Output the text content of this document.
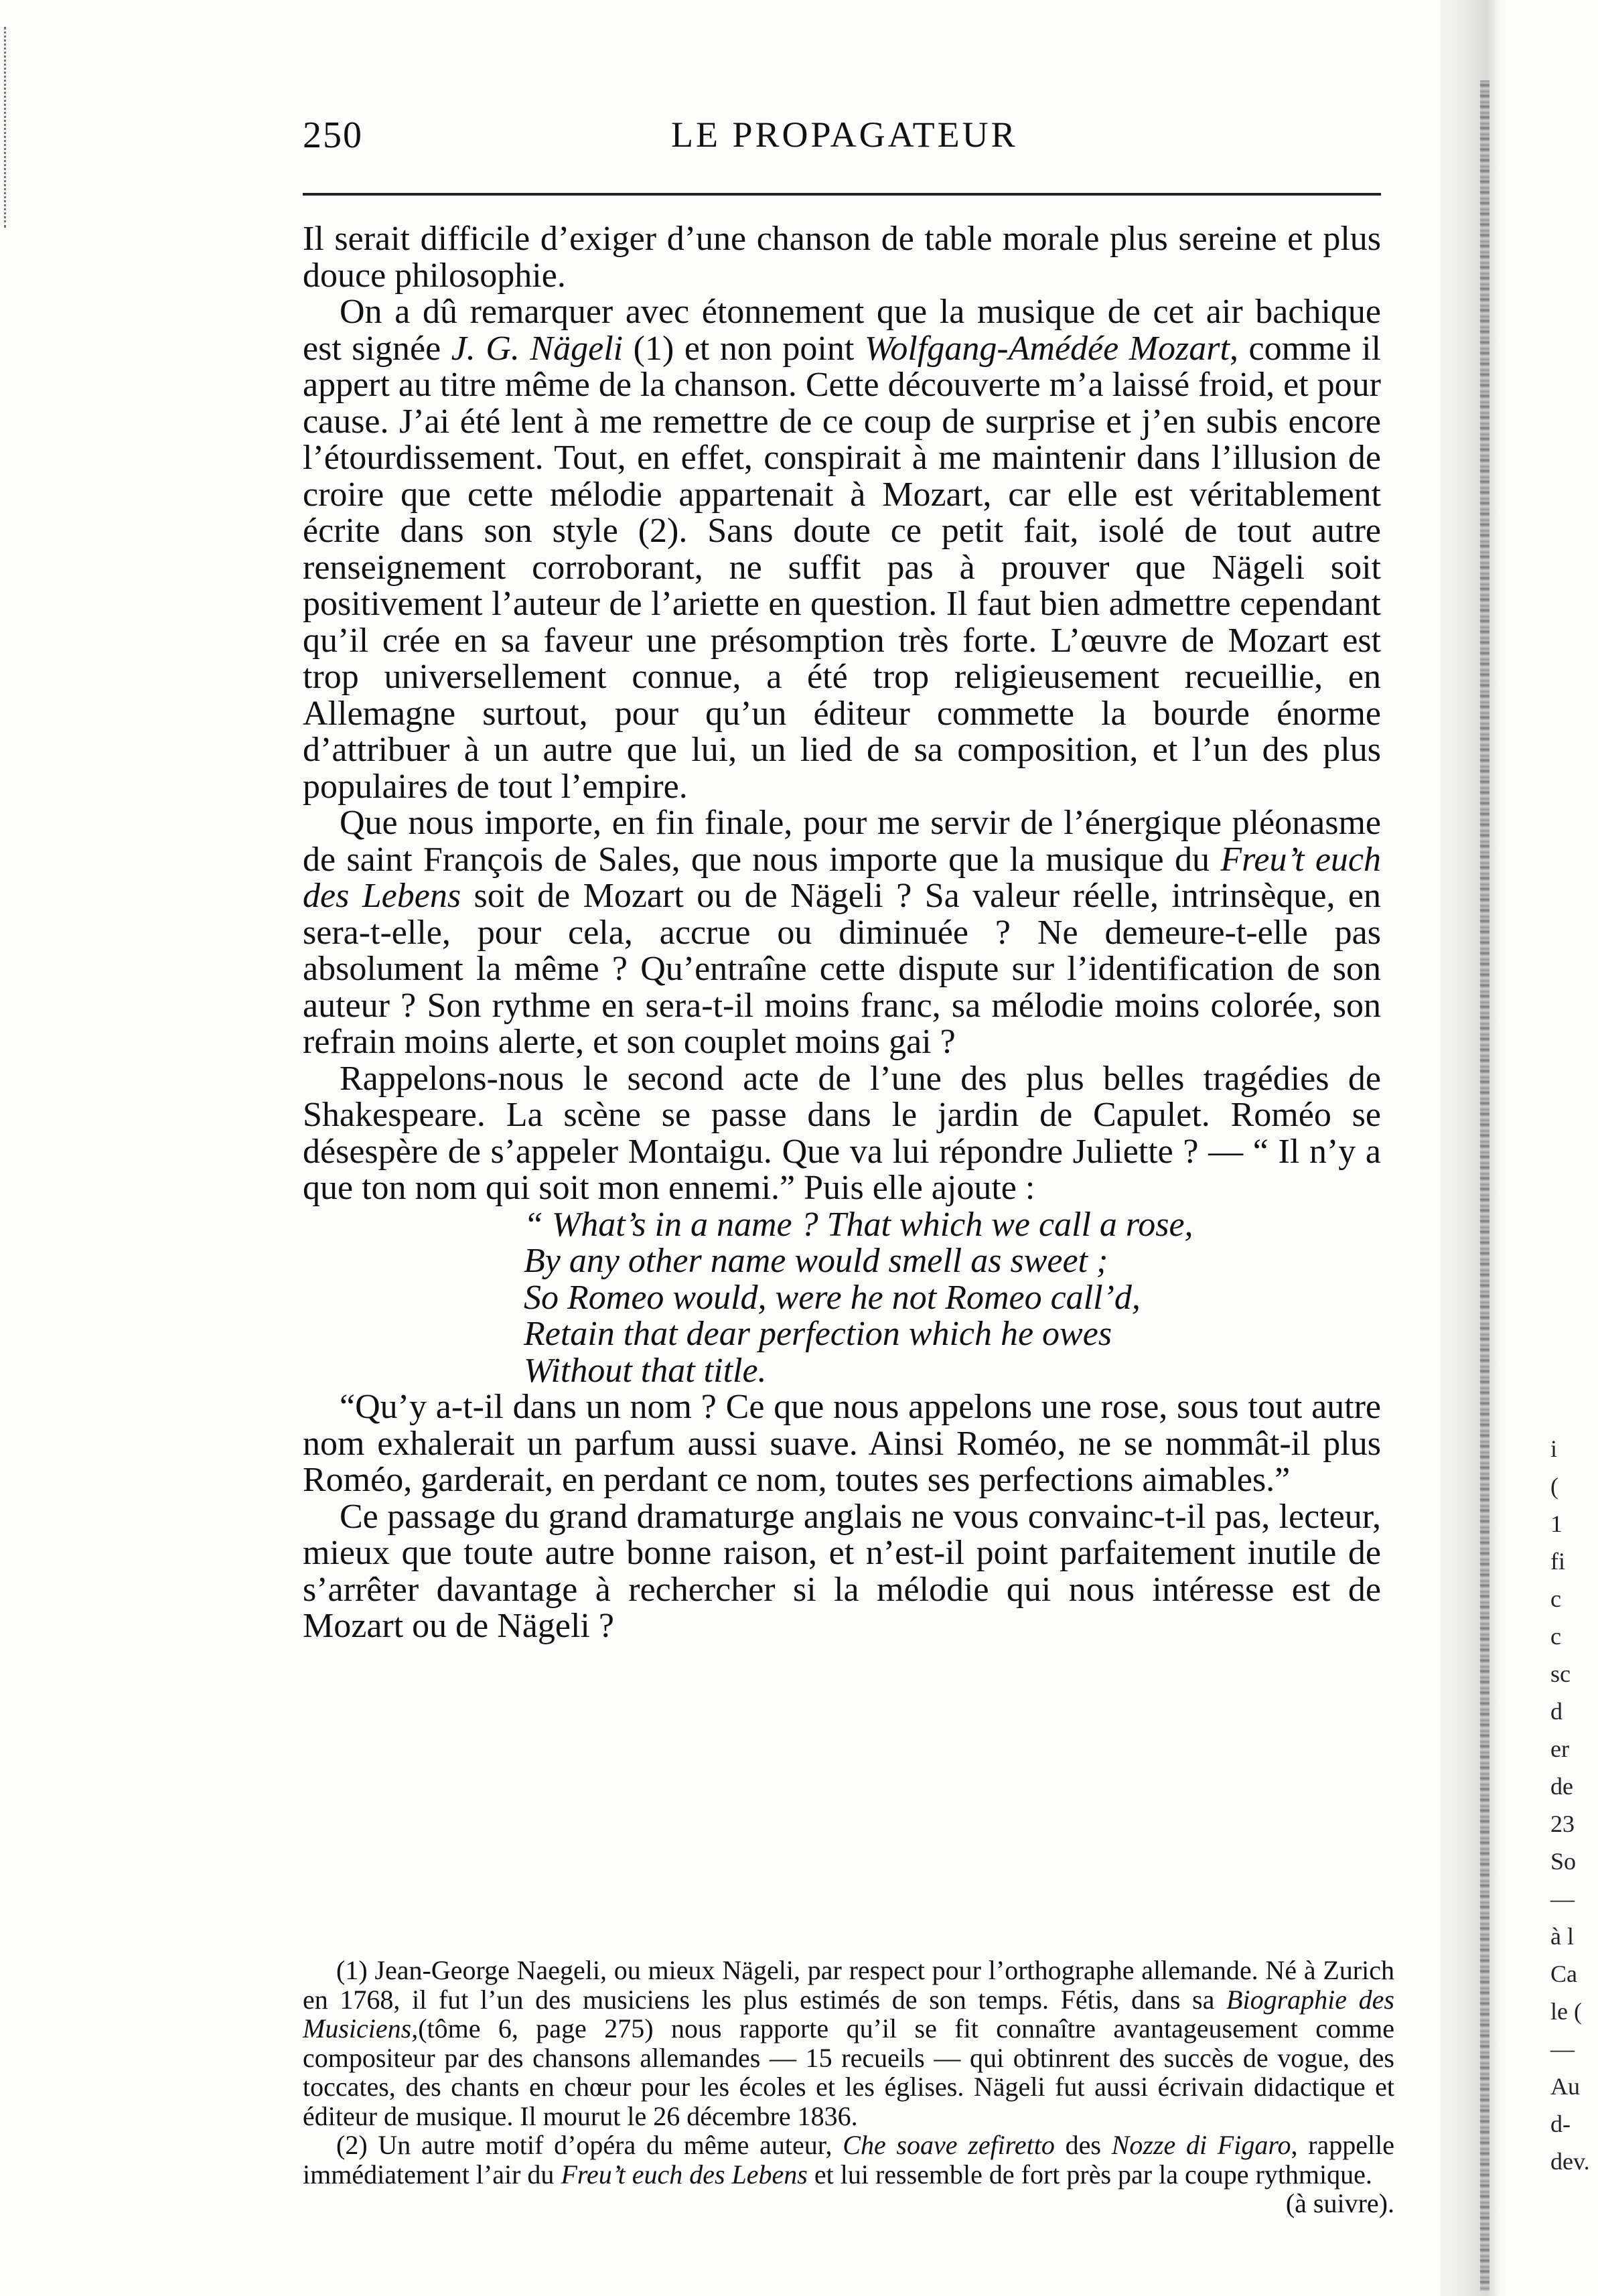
i
(
1
fi
c
c
sc
d
er
de
23
So
—
à l
Ca
le (
—
Au
d-
dev.
250	LE PROPAGATEUR

Il serait difficile d’exiger d’une chanson de table morale plus sereine et plus douce philosophie.

On a dû remarquer avec étonnement que la musique de cet air bachique est signée J. G. Nägeli (1) et non point Wolfgang-Amédée Mozart, comme il appert au titre même de la chanson. Cette découverte m’a laissé froid, et pour cause. J’ai été lent à me remettre de ce coup de surprise et j’en subis encore l’étourdissement. Tout, en effet, conspirait à me maintenir dans l’illusion de croire que cette mélodie appartenait à Mozart, car elle est véritablement écrite dans son style (2). Sans doute ce petit fait, isolé de tout autre renseignement corroborant, ne suffit pas à prouver que Nägeli soit positivement l’auteur de l’ariette en question. Il faut bien admettre cependant qu’il crée en sa faveur une présomption très forte. L’œuvre de Mozart est trop universellement connue, a été trop religieusement recueillie, en Allemagne surtout, pour qu’un éditeur commette la bourde énorme d’attribuer à un autre que lui, un lied de sa composition, et l’un des plus populaires de tout l’empire.

Que nous importe, en fin finale, pour me servir de l’énergique pléonasme de saint François de Sales, que nous importe que la musique du Freu’t euch des Lebens soit de Mozart ou de Nägeli ? Sa valeur réelle, intrinsèque, en sera-t-elle, pour cela, accrue ou diminuée ? Ne demeure-t-elle pas absolument la même ? Qu’entraîne cette dispute sur l’identification de son auteur ? Son rythme en sera-t-il moins franc, sa mélodie moins colorée, son refrain moins alerte, et son couplet moins gai ?

Rappelons-nous le second acte de l’une des plus belles tragédies de Shakespeare. La scène se passe dans le jardin de Capulet. Roméo se désespère de s’appeler Montaigu. Que va lui répondre Juliette ? — “ Il n’y a que ton nom qui soit mon ennemi.” Puis elle ajoute :

“ What’s in a name ? That which we call a rose,
By any other name would smell as sweet ;
So Romeo would, were he not Romeo call’d,
Retain that dear perfection which he owes
Without that title.

“Qu’y a-t-il dans un nom ? Ce que nous appelons une rose, sous tout autre nom exhalerait un parfum aussi suave. Ainsi Roméo, ne se nommât-il plus Roméo, garderait, en perdant ce nom, toutes ses perfections aimables.”

Ce passage du grand dramaturge anglais ne vous convainc-t-il pas, lecteur, mieux que toute autre bonne raison, et n’est-il point parfaitement inutile de s’arrêter davantage à rechercher si la mélodie qui nous intéresse est de Mozart ou de Nägeli ?

(1) Jean-George Naegeli, ou mieux Nägeli, par respect pour l’orthographe allemande. Né à Zurich en 1768, il fut l’un des musiciens les plus estimés de son temps. Fétis, dans sa Biographie des Musiciens,(tôme 6, page 275) nous rapporte qu’il se fit connaître avantageusement comme compositeur par des chansons allemandes — 15 recueils — qui obtinrent des succès de vogue, des toccates, des chants en chœur pour les écoles et les églises. Nägeli fut aussi écrivain didactique et éditeur de musique. Il mourut le 26 décembre 1836.

(2) Un autre motif d’opéra du même auteur, Che soave zefiretto des Nozze di Figaro, rappelle immédiatement l’air du Freu’t euch des Lebens et lui ressemble de fort près par la coupe rythmique.
(à suivre).
